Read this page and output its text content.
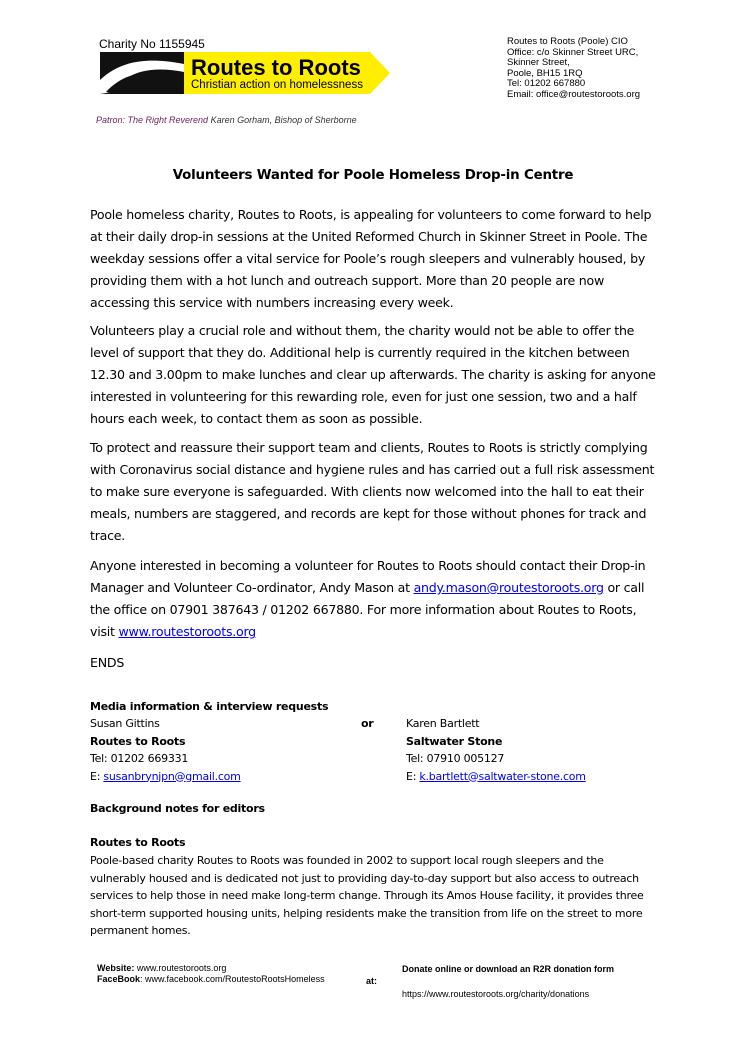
Charity No 1155945
Routes to Roots
Christian action on homelessness
Patron: The Right Reverend Karen Gorham, Bishop of Sherborne
Routes to Roots (Poole) CIO
Office: c/o Skinner Street URC,
Skinner Street,
Poole, BH15 1RQ
Tel: 01202 667880
Email: office@routestoroots.org
Volunteers Wanted for Poole Homeless Drop-in Centre
Poole homeless charity, Routes to Roots, is appealing for volunteers to come forward to help at their daily drop-in sessions at the United Reformed Church in Skinner Street in Poole. The weekday sessions offer a vital service for Poole’s rough sleepers and vulnerably housed, by providing them with a hot lunch and outreach support. More than 20 people are now accessing this service with numbers increasing every week.
Volunteers play a crucial role and without them, the charity would not be able to offer the level of support that they do. Additional help is currently required in the kitchen between 12.30 and 3.00pm to make lunches and clear up afterwards. The charity is asking for anyone interested in volunteering for this rewarding role, even for just one session, two and a half hours each week, to contact them as soon as possible.
To protect and reassure their support team and clients, Routes to Roots is strictly complying with Coronavirus social distance and hygiene rules and has carried out a full risk assessment to make sure everyone is safeguarded. With clients now welcomed into the hall to eat their meals, numbers are staggered, and records are kept for those without phones for track and trace.
Anyone interested in becoming a volunteer for Routes to Roots should contact their Drop-in Manager and Volunteer Co-ordinator, Andy Mason at andy.mason@routestoroots.org or call the office on 07901 387643 / 01202 667880. For more information about Routes to Roots, visit www.routestoroots.org
ENDS
Media information & interview requests
Susan Gittins
Routes to Roots
Tel: 01202 669331
E: susanbrynjpn@gmail.com
or	Karen Bartlett
Saltwater Stone
Tel: 07910 005127
E: k.bartlett@saltwater-stone.com
Background notes for editors
Routes to Roots
Poole-based charity Routes to Roots was founded in 2002 to support local rough sleepers and the vulnerably housed and is dedicated not just to providing day-to-day support but also access to outreach services to help those in need make long-term change. Through its Amos House facility, it provides three short-term supported housing units, helping residents make the transition from life on the street to more permanent homes.
Website: www.routestoroots.org
FaceBook: www.facebook.com/RoutestoRootsHomeless	at:
Donate online or download an R2R donation form
https://www.routestoroots.org/charity/donations
